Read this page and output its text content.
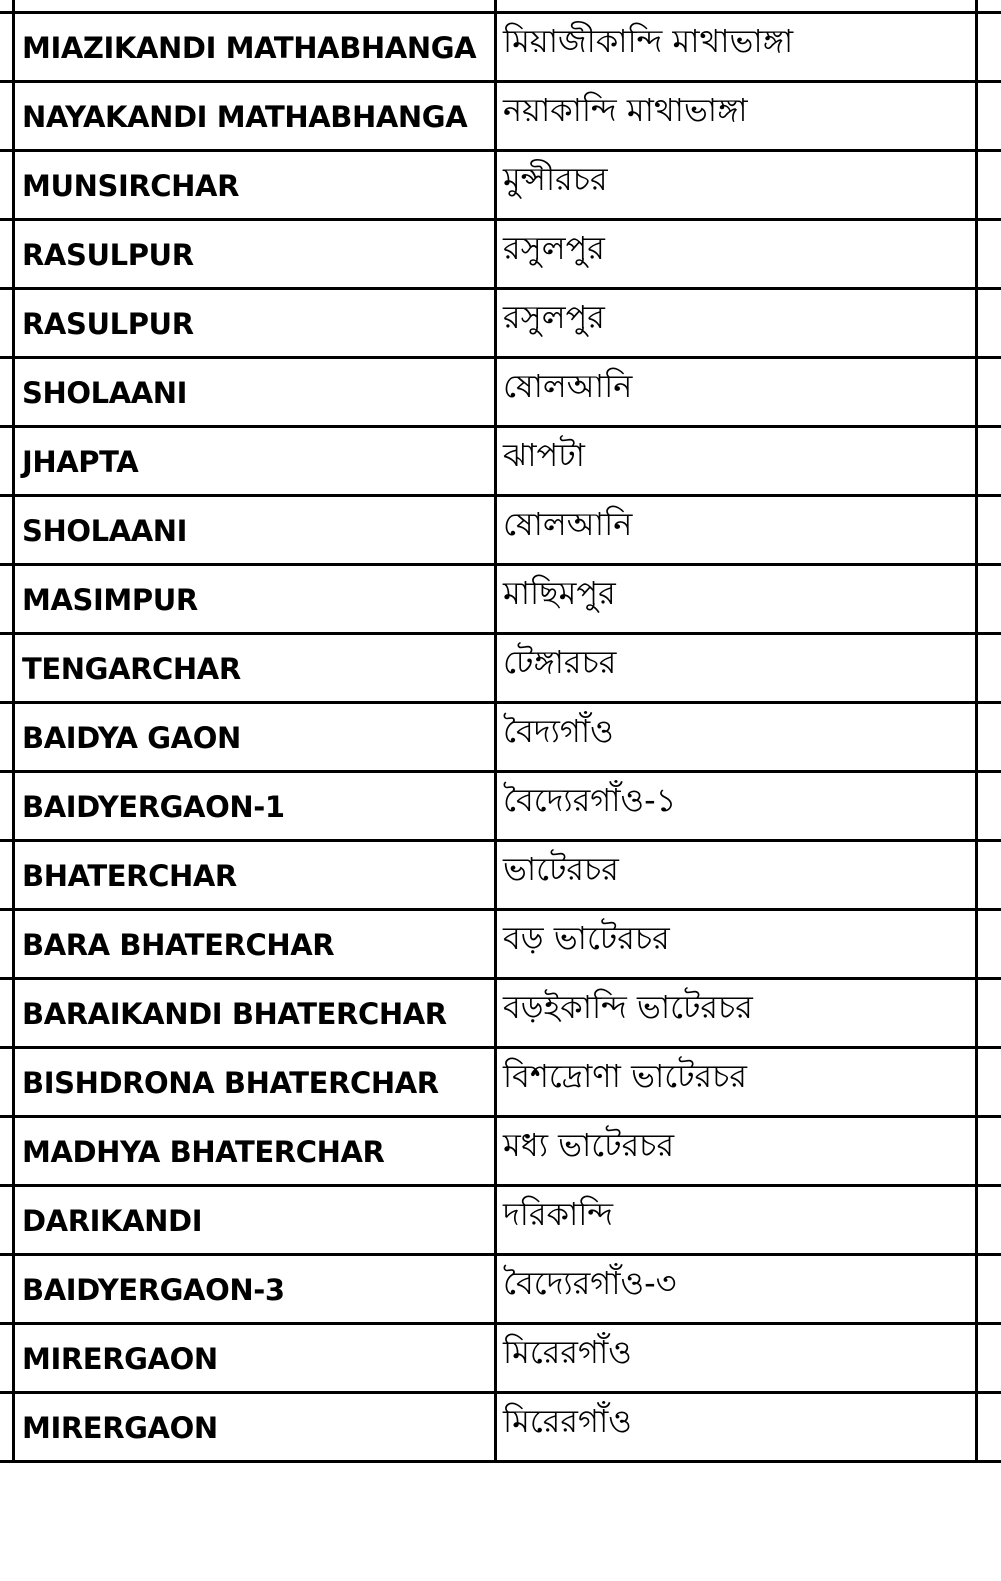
MIAZIKANDI MATHABHANGA মিয়াজীকান্দি মাথাভাঙ্গা
NAYAKANDI MATHABHANGA	নয়াকান্দি মাথাভাঙ্গা
MUNSIRCHAR	মুন্সীরচর
RASULPUR	রসুলপুর
RASULPUR	রসুলপুর
SHOLAANI	ষোলআনি
JHAPTA	ঝাপটা
SHOLAANI	ষোলআনি
MASIMPUR	মাছিমপুর
TENGARCHAR	টেঙ্গারচর
BAIDYA GAON	বৈদ্যগাঁও
BAIDYERGAON-1	বৈদ্যেরগাঁও-১
BHATERCHAR	ভাটেরচর
BARA BHATERCHAR	বড় ভাটেরচর
BARAIKANDI BHATERCHAR	বড়ইকান্দি ভাটেরচর
BISHDRONA BHATERCHAR	বিশদ্রোণা ভাটেরচর
MADHYA BHATERCHAR	মধ্য ভাটেরচর
DARIKANDI	দরিকান্দি
BAIDYERGAON-3	বৈদ্যেরগাঁও-৩
MIRERGAON	মিরেরগাঁও
MIRERGAON	মিরেরগাঁও
